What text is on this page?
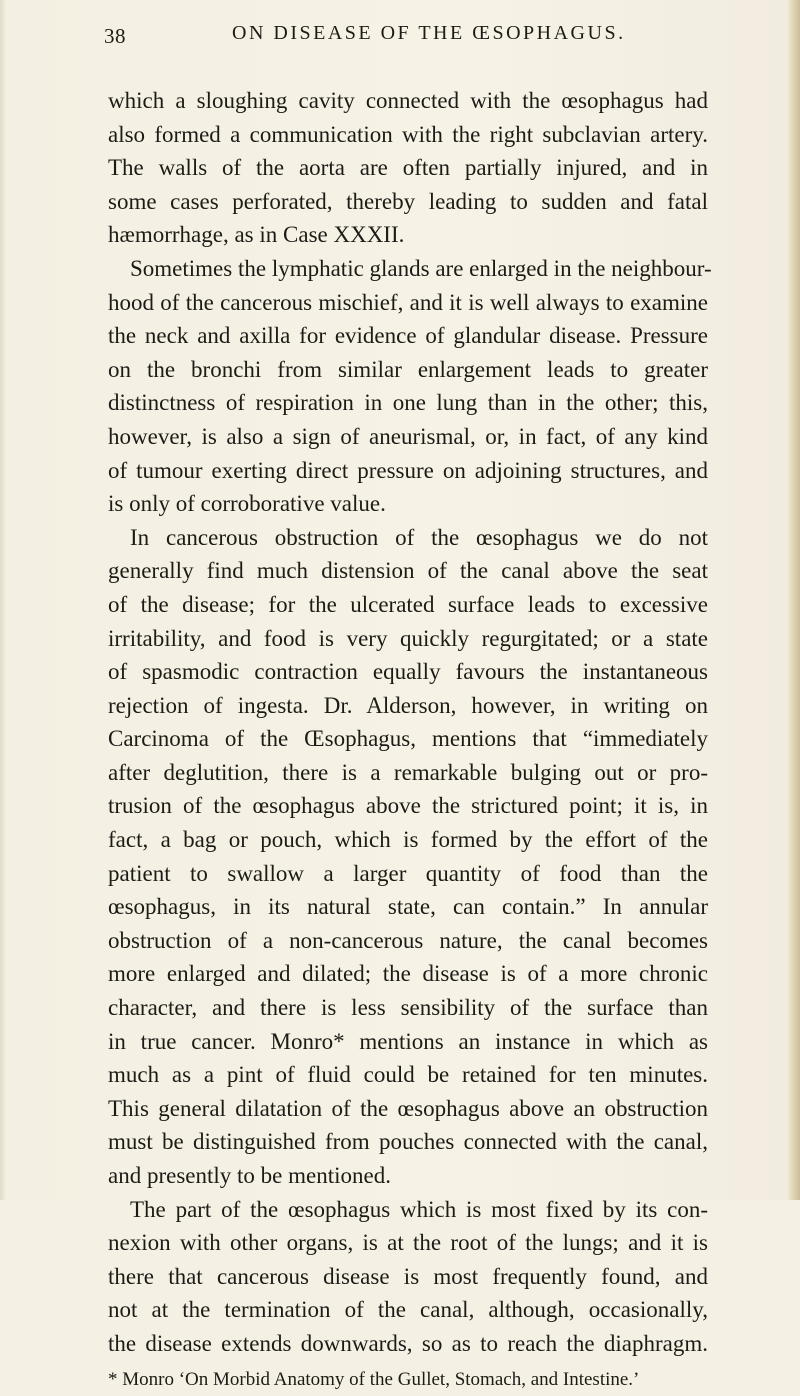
38	ON DISEASE OF THE ŒSOPHAGUS.
which a sloughing cavity connected with the œsophagus had
also formed a communication with the right subclavian artery.
The walls of the aorta are often partially injured, and in
some cases perforated, thereby leading to sudden and fatal
hæmorrhage, as in Case XXXII.
Sometimes the lymphatic glands are enlarged in the neighbour-
hood of the cancerous mischief, and it is well always to examine
the neck and axilla for evidence of glandular disease. Pressure
on the bronchi from similar enlargement leads to greater
distinctness of respiration in one lung than in the other; this,
however, is also a sign of aneurismal, or, in fact, of any kind
of tumour exerting direct pressure on adjoining structures, and
is only of corroborative value.
In cancerous obstruction of the œsophagus we do not
generally find much distension of the canal above the seat
of the disease; for the ulcerated surface leads to excessive
irritability, and food is very quickly regurgitated; or a state
of spasmodic contraction equally favours the instantaneous
rejection of ingesta. Dr. Alderson, however, in writing on
Carcinoma of the Œsophagus, mentions that “immediately
after deglutition, there is a remarkable bulging out or pro-
trusion of the œsophagus above the strictured point; it is, in
fact, a bag or pouch, which is formed by the effort of the
patient to swallow a larger quantity of food than the
œsophagus, in its natural state, can contain.” In annular
obstruction of a non-cancerous nature, the canal becomes
more enlarged and dilated; the disease is of a more chronic
character, and there is less sensibility of the surface than
in true cancer. Monro* mentions an instance in which as
much as a pint of fluid could be retained for ten minutes.
This general dilatation of the œsophagus above an obstruction
must be distinguished from pouches connected with the canal,
and presently to be mentioned.
The part of the œsophagus which is most fixed by its con-
nexion with other organs, is at the root of the lungs; and it is
there that cancerous disease is most frequently found, and
not at the termination of the canal, although, occasionally,
the disease extends downwards, so as to reach the diaphragm.
* Monro ‘On Morbid Anatomy of the Gullet, Stomach, and Intestine.’
